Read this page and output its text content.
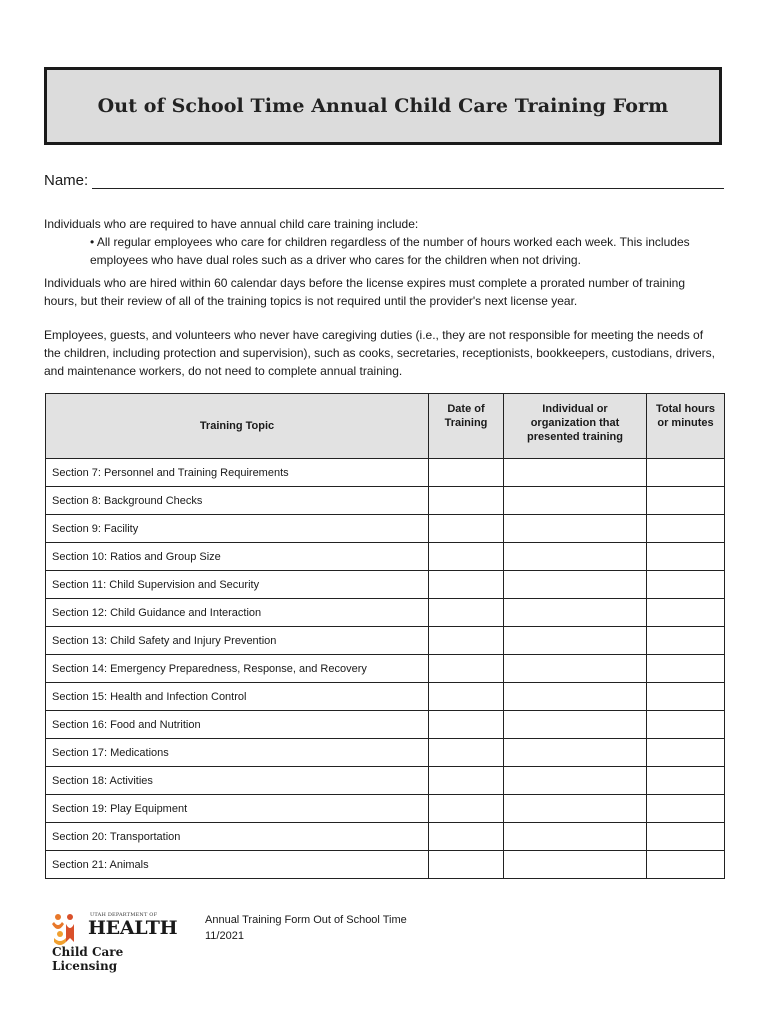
Out of School Time Annual Child Care Training Form
Name:

Individuals who are required to have annual child care training include:

• All regular employees who care for children regardless of the number of hours worked each week. This includes employees who have dual roles such as a driver who cares for the children when not driving.

Individuals who are hired within 60 calendar days before the license expires must complete a prorated number of training hours, but their review of all of the training topics is not required until the provider's next license year.

Employees, guests, and volunteers who never have caregiving duties (i.e., they are not responsible for meeting the needs of the children, including protection and supervision), such as cooks, secretaries, receptionists, bookkeepers, custodians, drivers, and maintenance workers, do not need to complete annual training.

Training Topic	Date of Training	Individual or organization that presented training	Total hours or minutes
Section 7: Personnel and Training Requirements			
Section 8: Background Checks			
Section 9: Facility			
Section 10: Ratios and Group Size			
Section 11: Child Supervision and Security			
Section 12: Child Guidance and Interaction			
Section 13: Child Safety and Injury Prevention			
Section 14: Emergency Preparedness, Response, and Recovery			
Section 15: Health and Infection Control			
Section 16: Food and Nutrition			
Section 17: Medications			
Section 18: Activities			
Section 19: Play Equipment			
Section 20: Transportation			
Section 21: Animals			
UTAH DEPARTMENT OF
HEALTH
Child Care Licensing
Annual Training Form Out of School Time
11/2021
